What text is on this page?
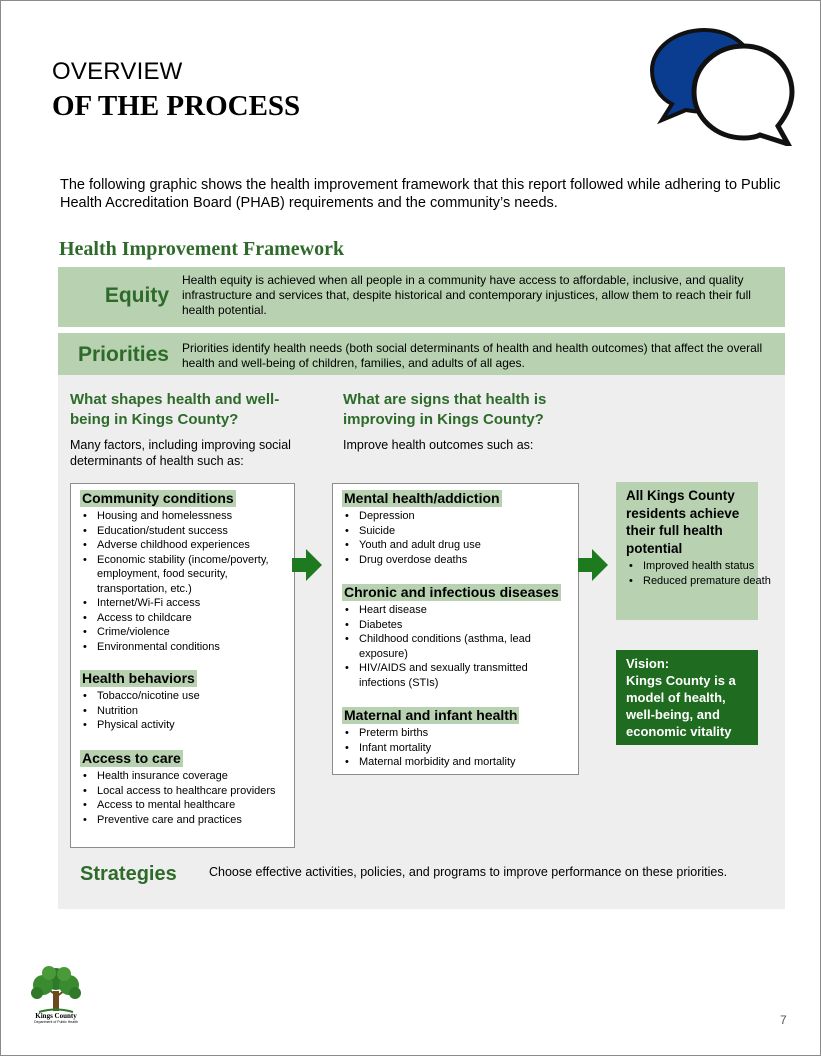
OVERVIEW
OF THE PROCESS
The following graphic shows the health improvement framework that this report followed while adhering to Public Health Accreditation Board (PHAB) requirements and the community’s needs.
Health Improvement Framework
Equity
Health equity is achieved when all people in a community have access to affordable, inclusive, and quality infrastructure and services that, despite historical and contemporary injustices, allow them to reach their full health potential.
Priorities Priorities identify health needs (both social determinants of health and health outcomes) that affect the overall health and well-being of children, families, and adults of all ages.
What shapes health and well-being in Kings County?
Many factors, including improving social determinants of health such as:
Community conditions
• Housing and homelessness
• Education/student success
• Adverse childhood experiences
• Economic stability (income/poverty, employment, food security, transportation, etc.)
• Internet/Wi-Fi access
• Access to childcare
• Crime/violence
• Environmental conditions
Health behaviors
• Tobacco/nicotine use
• Nutrition
• Physical activity
Access to care
• Health insurance coverage
• Local access to healthcare providers
• Access to mental healthcare
• Preventive care and practices
What are signs that health is improving in Kings County?
Improve health outcomes such as:
Mental health/addiction
• Depression
• Suicide
• Youth and adult drug use
• Drug overdose deaths
Chronic and infectious diseases
• Heart disease
• Diabetes
• Childhood conditions (asthma, lead exposure)
• HIV/AIDS and sexually transmitted infections (STIs)
Maternal and infant health
• Preterm births
• Infant mortality
• Maternal morbidity and mortality
All Kings County residents achieve their full health potential
• Improved health status
• Reduced premature death
Vision:
Kings County is a model of health, well-being, and economic vitality
Strategies	Choose effective activities, policies, and programs to improve performance on these priorities.
Kings County
Department of Public Health	7
